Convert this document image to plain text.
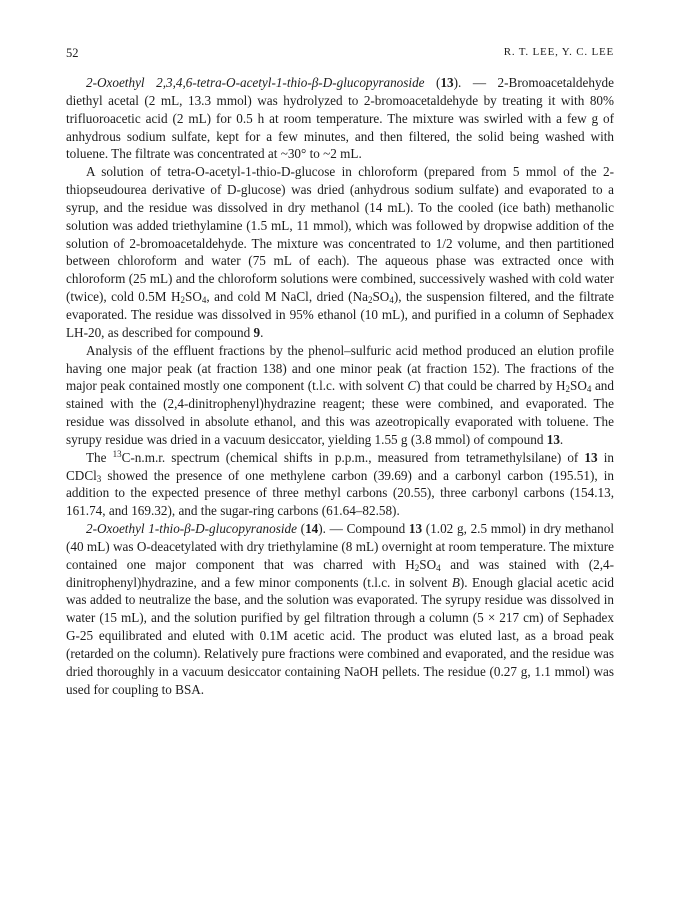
52	R. T. LEE, Y. C. LEE

2-Oxoethyl 2,3,4,6-tetra-O-acetyl-1-thio-β-D-glucopyranoside (13). — 2-Bromoacetaldehyde diethyl acetal (2 mL, 13.3 mmol) was hydrolyzed to 2-bromoacetaldehyde by treating it with 80% trifluoroacetic acid (2 mL) for 0.5 h at room temperature. The mixture was swirled with a few g of anhydrous sodium sulfate, kept for a few minutes, and then filtered, the solid being washed with toluene. The filtrate was concentrated at ~30° to ~2 mL.

A solution of tetra-O-acetyl-1-thio-D-glucose in chloroform (prepared from 5 mmol of the 2-thiopseudourea derivative of D-glucose) was dried (anhydrous sodium sulfate) and evaporated to a syrup, and the residue was dissolved in dry methanol (14 mL). To the cooled (ice bath) methanolic solution was added triethylamine (1.5 mL, 11 mmol), which was followed by dropwise addition of the solution of 2-bromoacetaldehyde. The mixture was concentrated to 1/2 volume, and then partitioned between chloroform and water (75 mL of each). The aqueous phase was extracted once with chloroform (25 mL) and the chloroform solutions were combined, successively washed with cold water (twice), cold 0.5M $H_2SO_4$, and cold M NaCl, dried $(Na_2SO_4)$, the suspension filtered, and the filtrate evaporated. The residue was dissolved in 95% ethanol (10 mL), and purified in a column of Sephadex LH-20, as described for compound 9.

Analysis of the effluent fractions by the phenol–sulfuric acid method produced an elution profile having one major peak (at fraction 138) and one minor peak (at fraction 152). The fractions of the major peak contained mostly one component (t.l.c. with solvent C) that could be charred by $H_2SO_4$ and stained with the (2,4-dinitrophenyl)hydrazine reagent; these were combined, and evaporated. The residue was dissolved in absolute ethanol, and this was azeotropically evaporated with toluene. The syrupy residue was dried in a vacuum desiccator, yielding 1.55 g (3.8 mmol) of compound 13.

The $^{13}$C-n.m.r. spectrum (chemical shifts in p.p.m., measured from tetramethylsilane) of 13 in CDCl$_3$ showed the presence of one methylene carbon (39.69) and a carbonyl carbon (195.51), in addition to the expected presence of three methyl carbons (20.55), three carbonyl carbons (154.13, 161.74, and 169.32), and the sugar-ring carbons (61.64–82.58).

2-Oxoethyl 1-thio-β-D-glucopyranoside (14). — Compound 13 (1.02 g, 2.5 mmol) in dry methanol (40 mL) was O-deacetylated with dry triethylamine (8 mL) overnight at room temperature. The mixture contained one major component that was charred with $H_2SO_4$ and was stained with (2,4-dinitrophenyl)hydrazine, and a few minor components (t.l.c. in solvent B). Enough glacial acetic acid was added to neutralize the base, and the solution was evaporated. The syrupy residue was dissolved in water (15 mL), and the solution purified by gel filtration through a column (5 × 217 cm) of Sephadex G-25 equilibrated and eluted with 0.1M acetic acid. The product was eluted last, as a broad peak (retarded on the column). Relatively pure fractions were combined and evaporated, and the residue was dried thoroughly in a vacuum desiccator containing NaOH pellets. The residue (0.27 g, 1.1 mmol) was used for coupling to BSA.
